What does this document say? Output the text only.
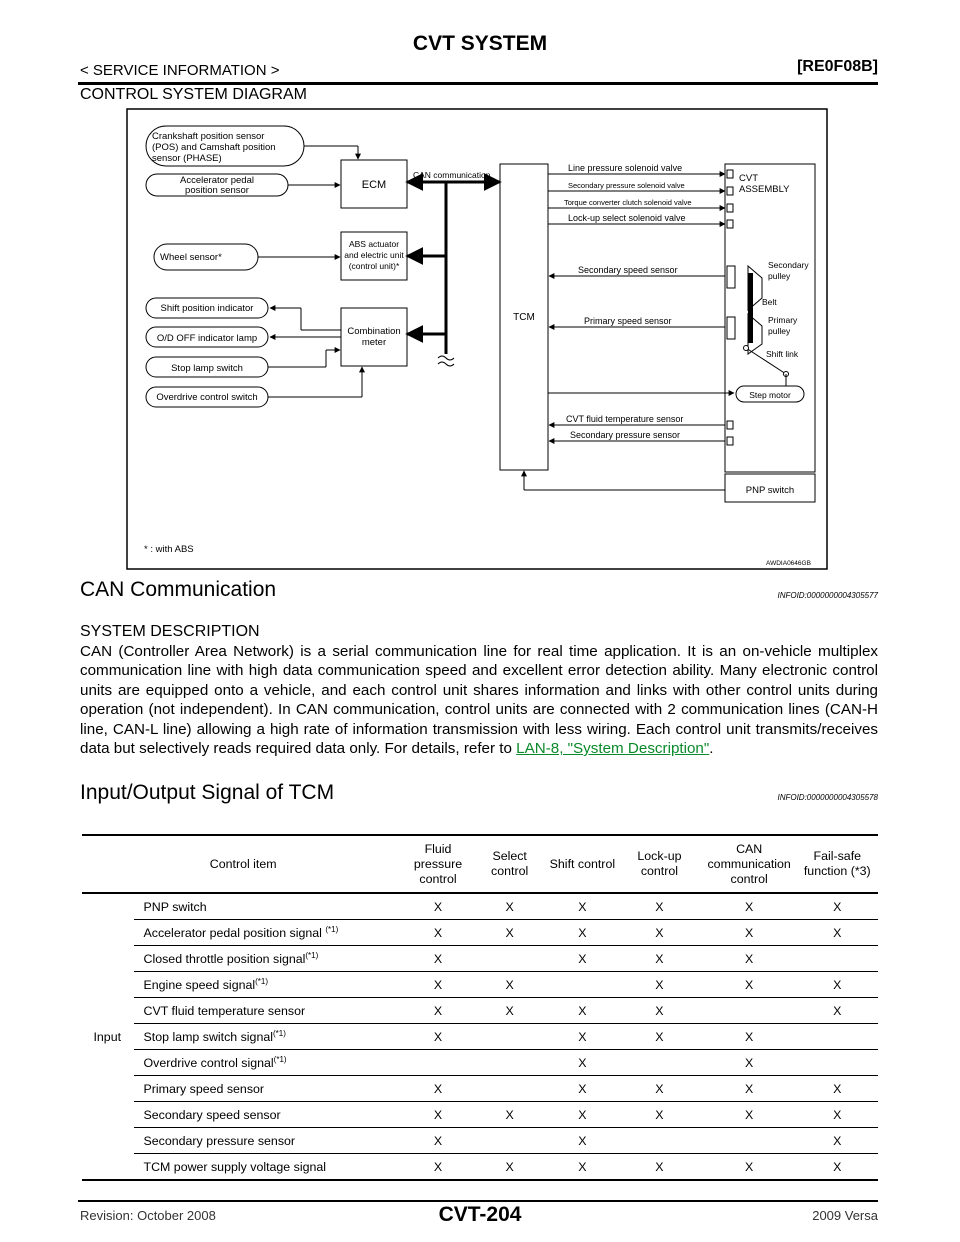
CVT SYSTEM
< SERVICE INFORMATION >	[RE0F08B]
CONTROL SYSTEM DIAGRAM
Crankshaft position sensor
(POS) and Camshaft position
sensor (PHASE)
Accelerator pedal
position sensor	ECM
Wheel sensor*
ABS actuator
and electric unit
(control unit)*
Shift position indicator
O/D OFF indicator lamp
Stop lamp switch
Overdrive control switch
Combination
meter
CAN communication
TCM
Line pressure solenoid valve
Secondary pressure solenoid valve
Torque converter clutch solenoid valve
Lock-up select solenoid valve
Secondary speed sensor
Primary speed sensor
CVT fluid temperature sensor
Secondary pressure sensor
PNP switch
CVT
ASSEMBLY
Secondary
pulley
Belt
Primary
pulley
Shift link
Step motor
* : with ABS
AWDIA0646GB
CAN Communication	INFOID:0000000004305577
SYSTEM DESCRIPTION
CAN (Controller Area Network) is a serial communication line for real time application. It is an on-vehicle multiplex communication line with high data communication speed and excellent error detection ability. Many electronic control units are equipped onto a vehicle, and each control unit shares information and links with other control units during operation (not independent). In CAN communication, control units are connected with 2 communication lines (CAN-H line, CAN-L line) allowing a high rate of information transmission with less wiring. Each control unit transmits/receives data but selectively reads required data only. For details, refer to LAN-8, "System Description".
Input/Output Signal of TCM	INFOID:0000000004305578
Control item		Fluid pressure control	Select control	Shift control	Lock-up control	CAN communication control	Fail-safe function (*3)
Input	PNP switch	X	X	X	X	X	X
	Accelerator pedal position signal $^{(*1)}$	X	X	X	X	X	X
	Closed throttle position signal$^{(*1)}$	X		X	X	X	
	Engine speed signal$^{(*1)}$	X	X		X	X	X
	CVT fluid temperature sensor	X	X	X	X		X
	Stop lamp switch signal$^{(*1)}$	X		X	X	X	
	Overdrive control signal$^{(*1)}$			X		X	
	Primary speed sensor	X		X	X	X	X
	Secondary speed sensor	X	X	X	X	X	X
	Secondary pressure sensor	X		X			X
	TCM power supply voltage signal	X	X	X	X	X	X
Revision: October 2008	CVT-204	2009 Versa
